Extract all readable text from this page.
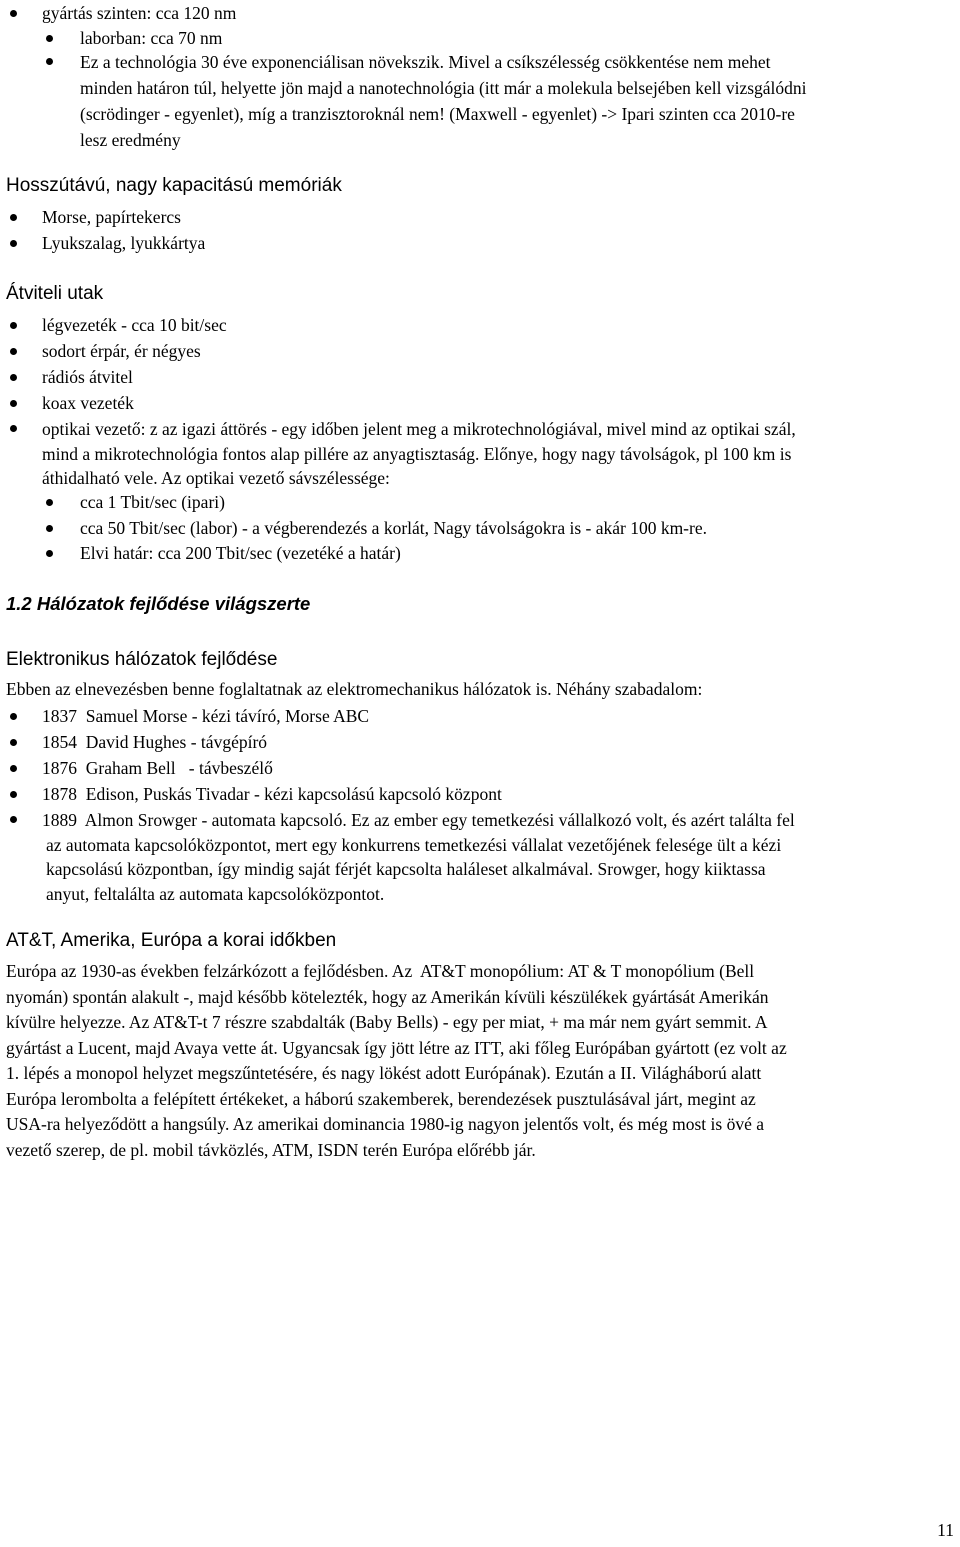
gyártás szinten: cca 120 nm
laborban: cca 70 nm
Ez a technológia 30 éve exponenciálisan növekszik. Mivel a csíkszélesség csökkentése nem mehet
minden határon túl, helyette jön majd a nanotechnológia (itt már a molekula belsejében kell vizsgálódni
(scrödinger - egyenlet), míg a tranzisztoroknál nem! (Maxwell - egyenlet) -> Ipari szinten cca 2010-re
lesz eredmény
Hosszútávú, nagy kapacitású memóriák
Morse, papírtekercs
Lyukszalag, lyukkártya
Átviteli utak
légvezeték - cca 10 bit/sec
sodort érpár, ér négyes
rádiós átvitel
koax vezeték
optikai vezető: z az igazi áttörés - egy időben jelent meg a mikrotechnológiával, mivel mind az optikai szál,
mind a mikrotechnológia fontos alap pillére az anyagtisztaság. Előnye, hogy nagy távolságok, pl 100 km is
áthidalható vele. Az optikai vezető sávszélessége:
cca 1 Tbit/sec (ipari)
cca 50 Tbit/sec (labor) - a végberendezés a korlát, Nagy távolságokra is - akár 100 km-re.
Elvi határ: cca 200 Tbit/sec (vezetéké a határ)
1.2 Hálózatok fejlődése világszerte
Elektronikus hálózatok fejlődése
Ebben az elnevezésben benne foglaltatnak az elektromechanikus hálózatok is. Néhány szabadalom:
1837  Samuel Morse - kézi távíró, Morse ABC
1854  David Hughes - távgépíró
1876  Graham Bell   - távbeszélő
1878  Edison, Puskás Tivadar - kézi kapcsolású kapcsoló központ
1889  Almon Srowger - automata kapcsoló. Ez az ember egy temetkezési vállalkozó volt, és azért találta fel
az automata kapcsolóközpontot, mert egy konkurrens temetkezési vállalat vezetőjének felesége ült a kézi
kapcsolású központban, így mindig saját férjét kapcsolta haláleset alkalmával. Srowger, hogy kiiktassa
anyut, feltalálta az automata kapcsolóközpontot.
AT&T, Amerika, Európa a korai időkben
Európa az 1930-as években felzárkózott a fejlődésben. Az  AT&T monopólium: AT & T monopólium (Bell
nyomán) spontán alakult -, majd később kötelezték, hogy az Amerikán kívüli készülékek gyártását Amerikán
kívülre helyezze. Az AT&T-t 7 részre szabdalták (Baby Bells) - egy per miat, + ma már nem gyárt semmit. A
gyártást a Lucent, majd Avaya vette át. Ugyancsak így jött létre az ITT, aki főleg Európában gyártott (ez volt az
1. lépés a monopol helyzet megszűntetésére, és nagy lökést adott Európának). Ezután a II. Világháború alatt
Európa lerombolta a felépített értékeket, a háború szakemberek, berendezések pusztulásával járt, megint az
USA-ra helyeződött a hangsúly. Az amerikai dominancia 1980-ig nagyon jelentős volt, és még most is övé a
vezető szerep, de pl. mobil távközlés, ATM, ISDN terén Európa előrébb jár.
11
